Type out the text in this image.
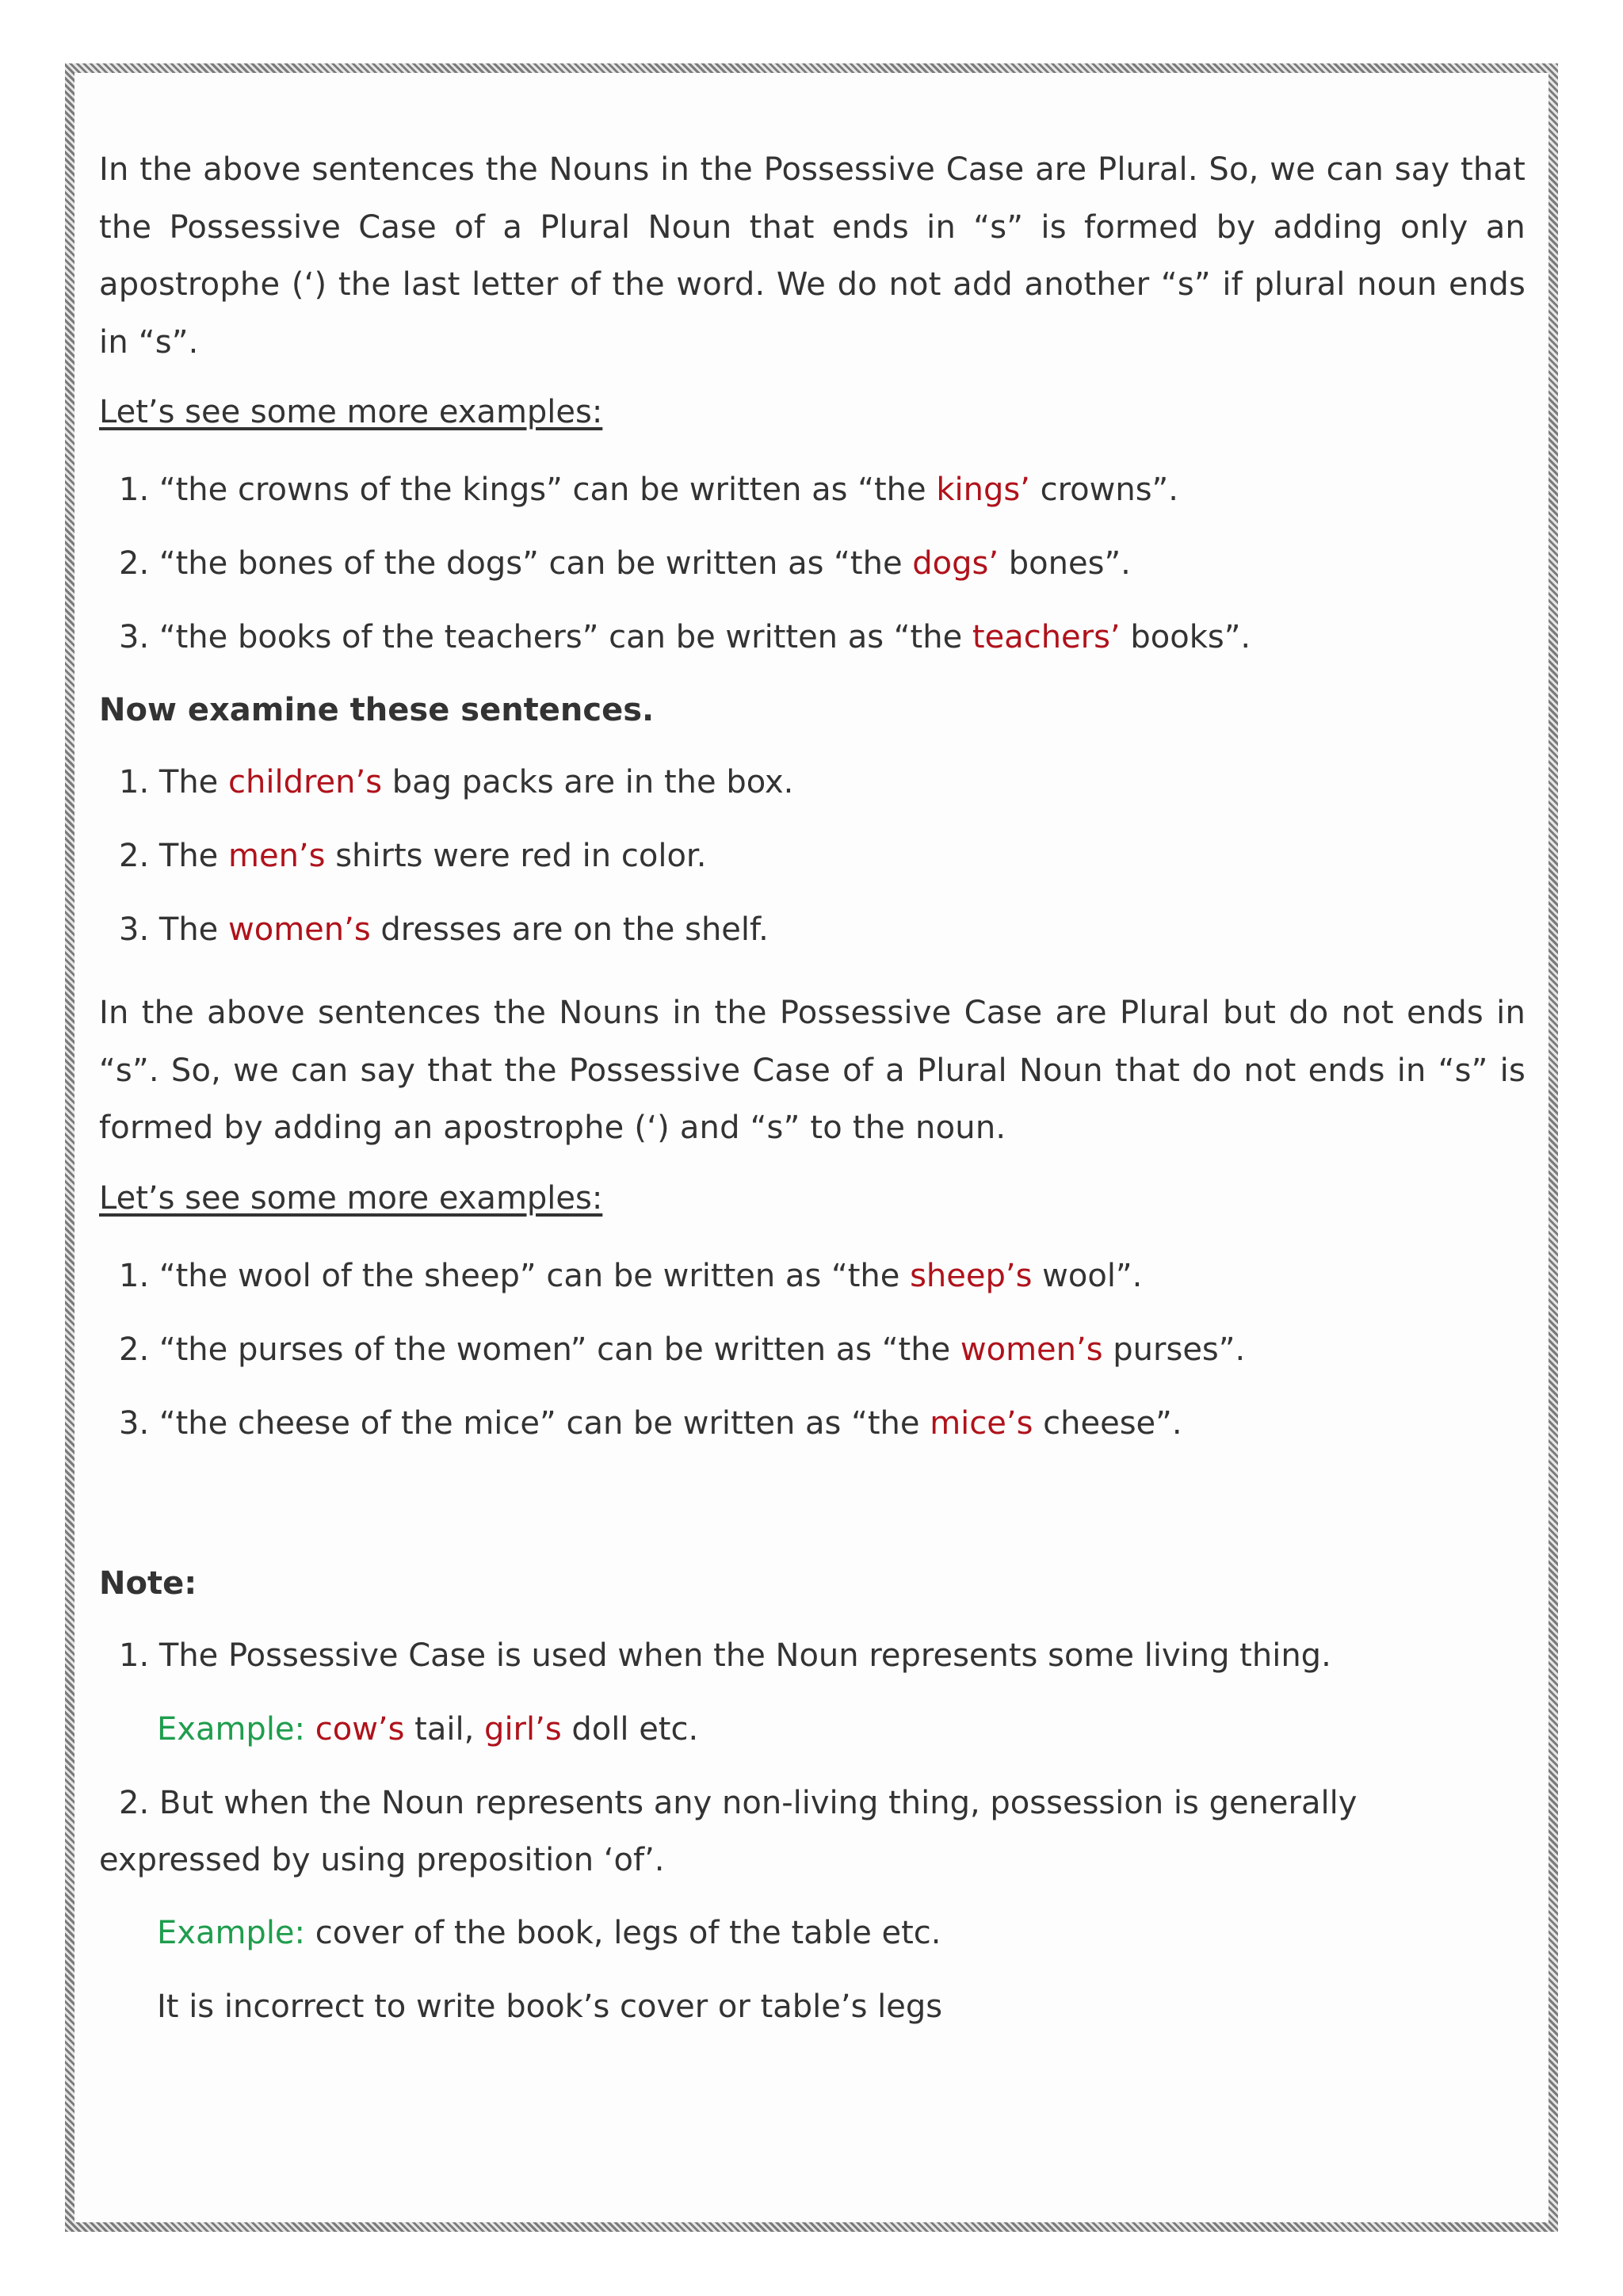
In the above sentences the Nouns in the Possessive Case are Plural. So, we can say that the Possessive Case of a Plural Noun that ends in “s” is formed by adding only an apostrophe (‘) the last letter of the word. We do not add another “s” if plural noun ends in “s”.

Let’s see some more examples:

1. “the crowns of the kings” can be written as “the kings’ crowns”.

2. “the bones of the dogs” can be written as “the dogs’ bones”.

3. “the books of the teachers” can be written as “the teachers’ books”.

Now examine these sentences.

1. The children’s bag packs are in the box.

2. The men’s shirts were red in color.

3. The women’s dresses are on the shelf.

In the above sentences the Nouns in the Possessive Case are Plural but do not ends in “s”. So, we can say that the Possessive Case of a Plural Noun that do not ends in “s” is formed by adding an apostrophe (‘) and “s” to the noun.

Let’s see some more examples:

1. “the wool of the sheep” can be written as “the sheep’s wool”.

2. “the purses of the women” can be written as “the women’s purses”.

3. “the cheese of the mice” can be written as “the mice’s cheese”.

Note:

1. The Possessive Case is used when the Noun represents some living thing.

Example: cow’s tail, girl’s doll etc.

2. But when the Noun represents any non-living thing, possession is generally

expressed by using preposition ‘of’.

Example: cover of the book, legs of the table etc.

It is incorrect to write book’s cover or table’s legs
